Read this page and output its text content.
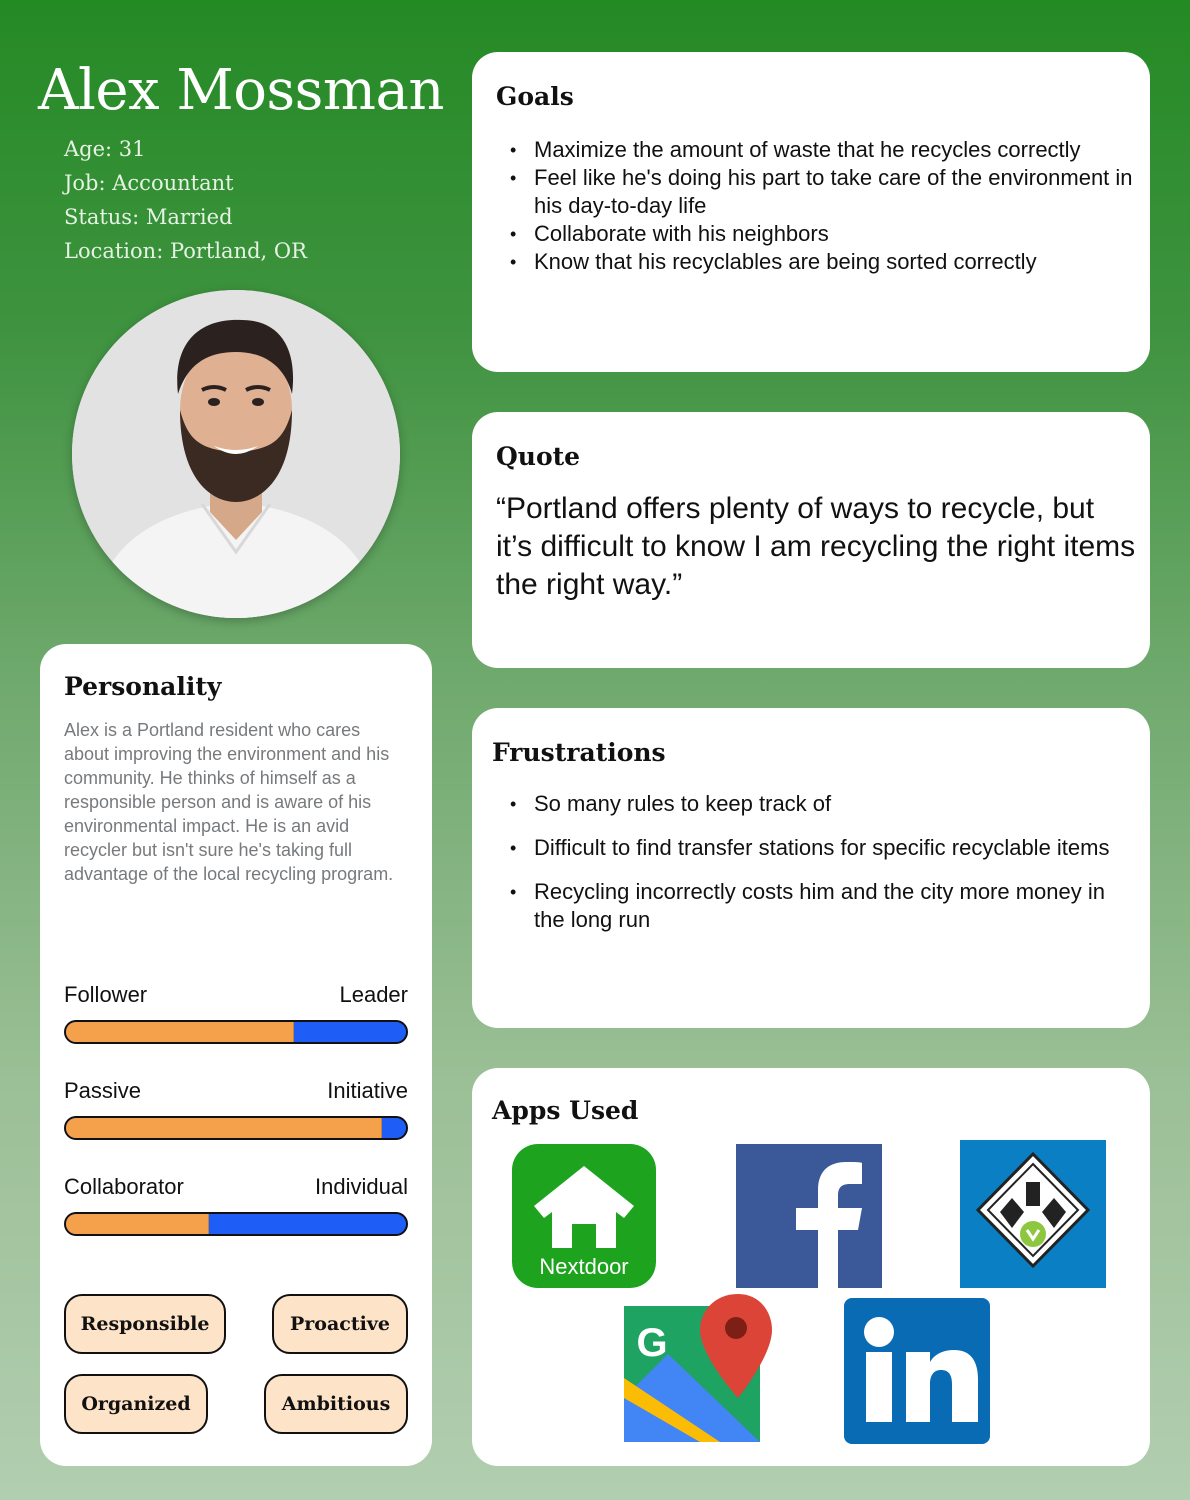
Alex Mossman
Age: 31
Job: Accountant
Status: Married
Location: Portland, OR
Goals
• Maximize the amount of waste that he recycles correctly
• Feel like he's doing his part to take care of the environment in his day-to-day life
• Collaborate with his neighbors
• Know that his recyclables are being sorted correctly
Quote
“Portland offers plenty of ways to recycle, but it’s difficult to know I am recycling the right items the right way.”
Frustrations
• So many rules to keep track of
• Difficult to find transfer stations for specific recyclable items
• Recycling incorrectly costs him and the city more money in the long run
Apps Used
Nextdoor
G
Personality
Alex is a Portland resident who cares about improving the environment and his community. He thinks of himself as a responsible person and is aware of his environmental impact. He is an avid recycler but isn't sure he's taking full advantage of the local recycling program.
Follower	Leader
Passive	Initiative
Collaborator	Individual
Responsible	Proactive
Organized	Ambitious
